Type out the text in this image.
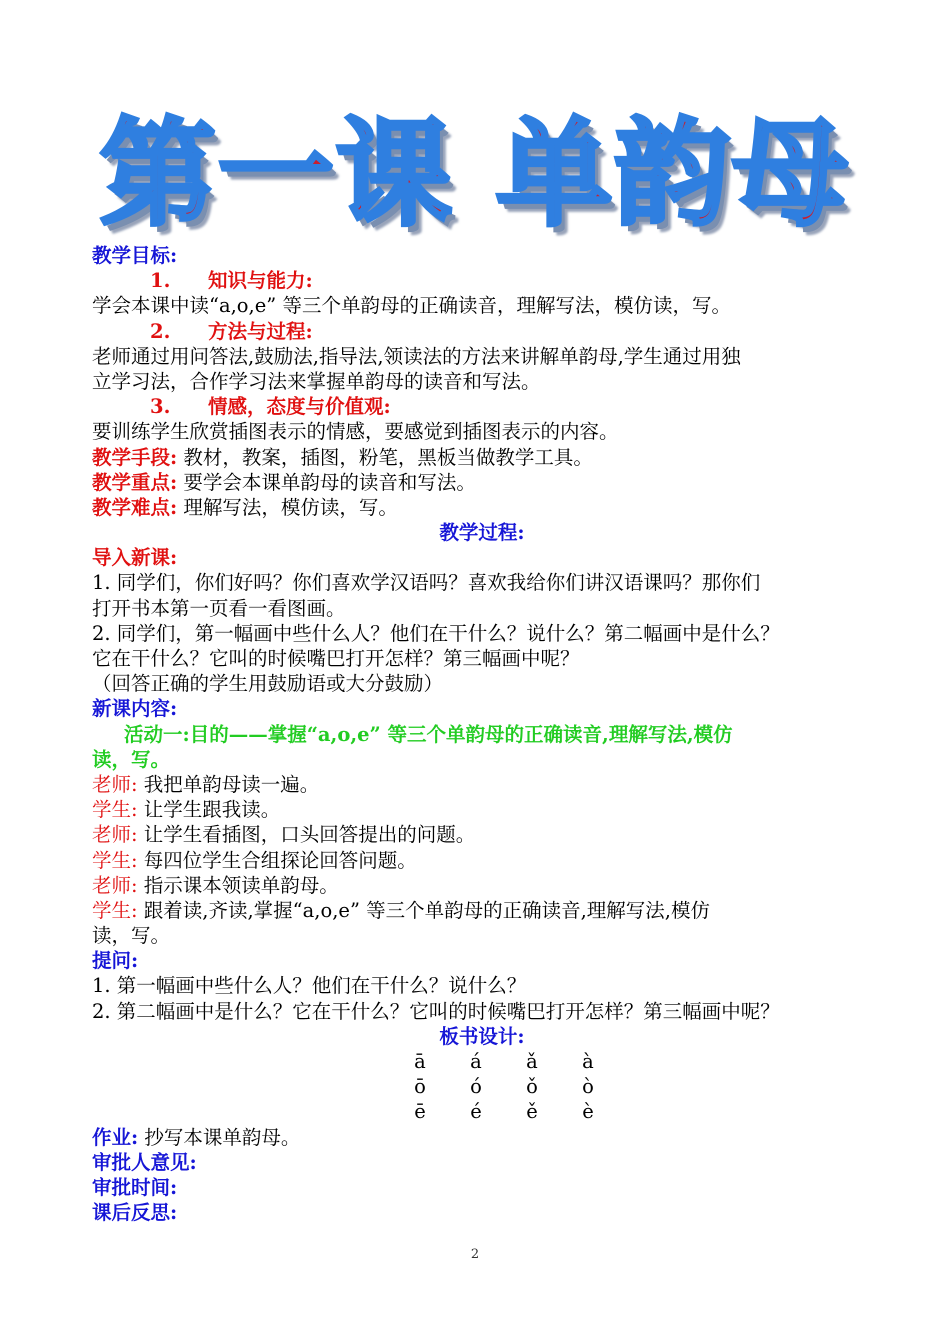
第一课 单韵母
教学目标:
1. 知识与能力:
学会本课中读“a,o,e” 等三个单韵母的正确读音，理解写法，模仿读，写。
2. 方法与过程:
老师通过用问答法,鼓励法,指导法,领读法的方法来讲解单韵母,学生通过用独
立学习法，合作学习法来掌握单韵母的读音和写法。
3. 情感，态度与价值观:
要训练学生欣赏插图表示的情感，要感觉到插图表示的内容。
教学手段: 教材，教案，插图，粉笔，黑板当做教学工具。
教学重点: 要学会本课单韵母的读音和写法。
教学难点: 理解写法，模仿读，写。
教学过程:
导入新课:
1. 同学们，你们好吗？你们喜欢学汉语吗？喜欢我给你们讲汉语课吗？那你们
打开书本第一页看一看图画。
2. 同学们，第一幅画中些什么人？他们在干什么？说什么？第二幅画中是什么？
它在干什么？它叫的时候嘴巴打开怎样？第三幅画中呢？
（回答正确的学生用鼓励语或大分鼓励）
新课内容:
活动一:目的——掌握“a,o,e” 等三个单韵母的正确读音,理解写法,模仿
读，写。
老师: 我把单韵母读一遍。
学生: 让学生跟我读。
老师: 让学生看插图，口头回答提出的问题。
学生: 每四位学生合组探论回答问题。
老师: 指示课本领读单韵母。
学生: 跟着读,齐读,掌握“a,o,e” 等三个单韵母的正确读音,理解写法,模仿
读，写。
提问:
1. 第一幅画中些什么人？他们在干什么？说什么？
2. 第二幅画中是什么？它在干什么？它叫的时候嘴巴打开怎样？第三幅画中呢？
板书设计:
ā á ǎ à
ō ó ǒ ò
ē é ě è
作业: 抄写本课单韵母。
审批人意见:
审批时间:
课后反思:
2
